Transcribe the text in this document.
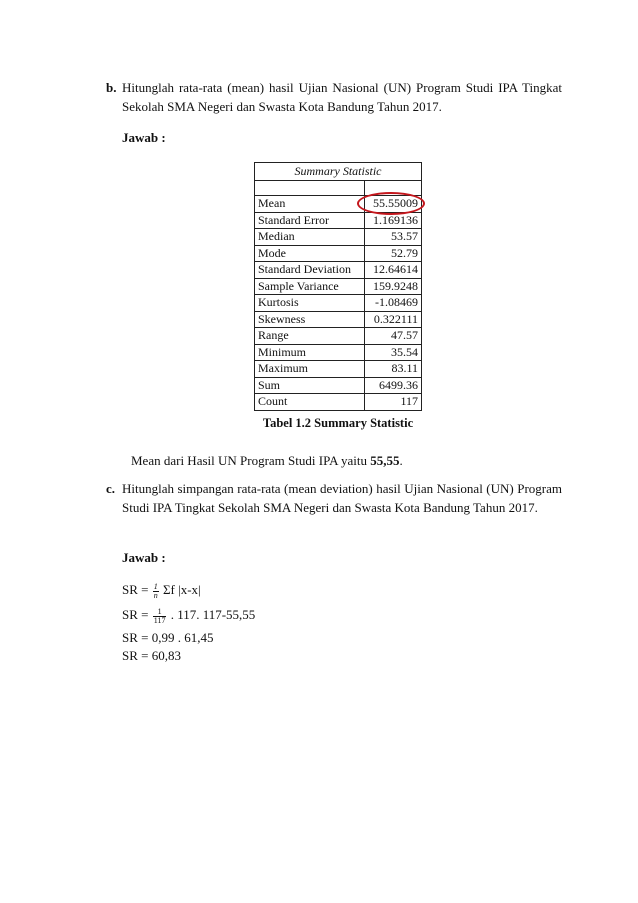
b. Hitunglah rata-rata (mean) hasil Ujian Nasional (UN) Program Studi IPA Tingkat Sekolah SMA Negeri dan Swasta Kota Bandung Tahun 2017.
Jawab :
Summary Statistic	

Mean	55.55009
Standard Error	1.169136
Median	53.57
Mode	52.79
Standard Deviation	12.64614
Sample Variance	159.9248
Kurtosis	-1.08469
Skewness	0.322111
Range	47.57
Minimum	35.54
Maximum	83.11
Sum	6499.36
Count	117
Tabel 1.2 Summary Statistic
Mean dari Hasil UN Program Studi IPA yaitu 55,55.
c. Hitunglah simpangan rata-rata (mean deviation) hasil Ujian Nasional (UN) Program Studi IPA Tingkat Sekolah SMA Negeri dan Swasta Kota Bandung Tahun 2017.
Jawab :
SR = $\frac{1}{n}$ Σf |x-x|
SR = $\frac{1}{117}$ . 117. 117-55,55
SR = 0,99 . 61,45
SR = 60,83
